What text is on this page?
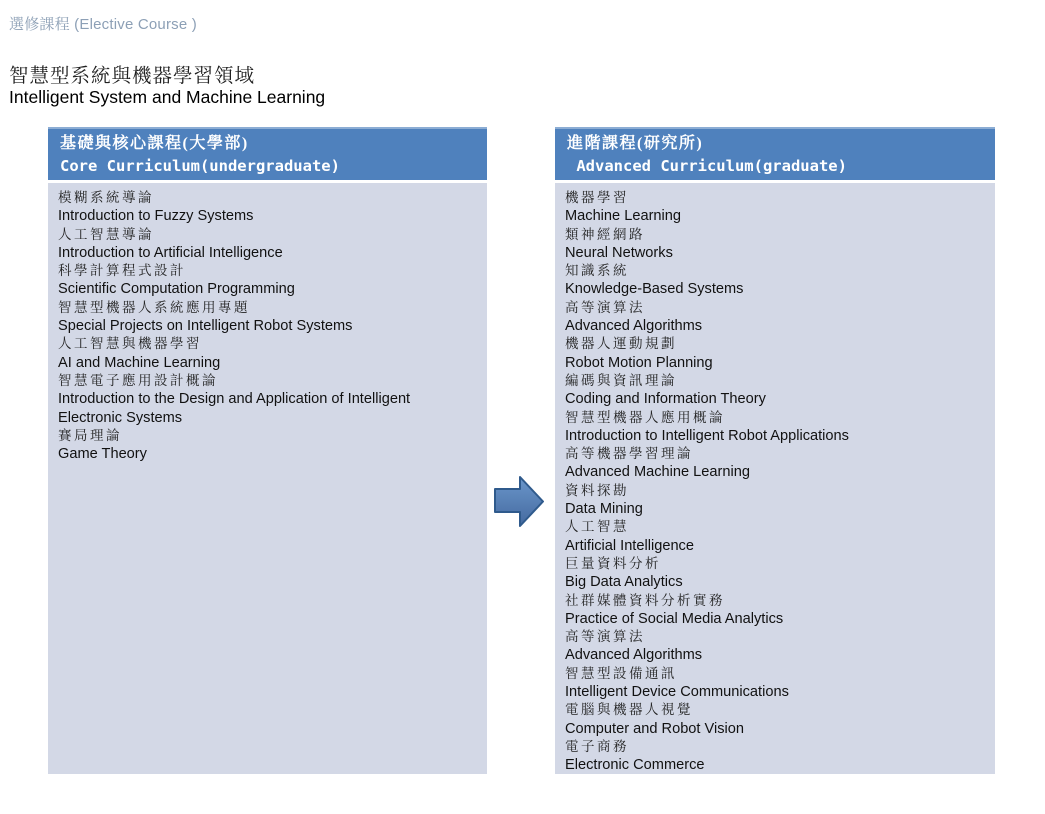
選修課程 (Elective Course )
智慧型系統與機器學習領域
Intelligent System and Machine Learning
基礎與核心課程(大學部)
Core Curriculum(undergraduate)
模糊系統導論
Introduction to Fuzzy Systems
人工智慧導論
Introduction to Artificial Intelligence
科學計算程式設計
Scientific Computation Programming
智慧型機器人系統應用專題
Special Projects on Intelligent Robot Systems
人工智慧與機器學習
AI and Machine Learning
智慧電子應用設計概論
Introduction to the Design and Application of Intelligent Electronic Systems
賽局理論
Game Theory
進階課程(研究所)
Advanced Curriculum(graduate)
機器學習
Machine Learning
類神經網路
Neural Networks
知識系統
Knowledge-Based Systems
高等演算法
Advanced Algorithms
機器人運動規劃
Robot Motion Planning
編碼與資訊理論
Coding and Information Theory
智慧型機器人應用概論
Introduction to Intelligent Robot Applications
高等機器學習理論
Advanced Machine Learning
資料探勘
Data Mining
人工智慧
Artificial Intelligence
巨量資料分析
Big Data Analytics
社群媒體資料分析實務
Practice of Social Media Analytics
高等演算法
Advanced Algorithms
智慧型設備通訊
Intelligent Device Communications
電腦與機器人視覺
Computer and Robot Vision
電子商務
Electronic Commerce
